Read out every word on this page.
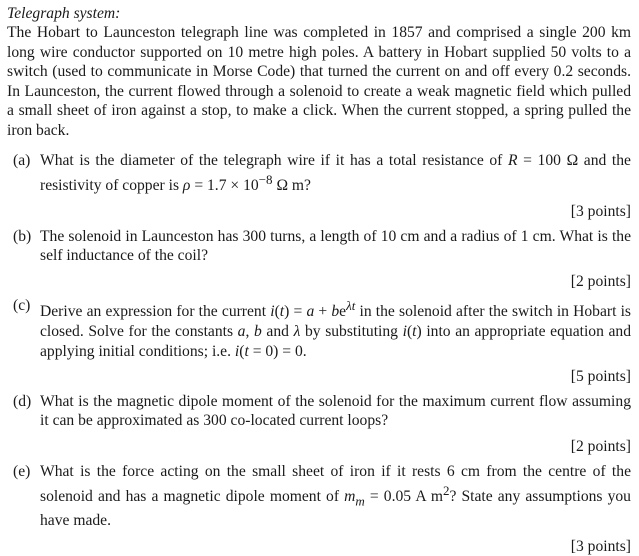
Telegraph system:

The Hobart to Launceston telegraph line was completed in 1857 and comprised a single 200 km long wire conductor supported on 10 metre high poles. A battery in Hobart supplied 50 volts to a switch (used to communicate in Morse Code) that turned the current on and off every 0.2 seconds. In Launceston, the current flowed through a solenoid to create a weak magnetic field which pulled a small sheet of iron against a stop, to make a click. When the current stopped, a spring pulled the iron back.

(a) What is the diameter of the telegraph wire if it has a total resistance of R = 100 Ω and the resistivity of copper is $\rho = 1.7 \times 10^{-8}$ Ω m?
[3 points]
(b) The solenoid in Launceston has 300 turns, a length of 10 cm and a radius of 1 cm. What is the self inductance of the coil?
[2 points]
(c) Derive an expression for the current $i(t) = a + be^{\lambda t}$ in the solenoid after the switch in Hobart is closed. Solve for the constants a, b and λ by substituting i(t) into an appropriate equation and applying initial conditions; i.e. i(t = 0) = 0.
[5 points]
(d) What is the magnetic dipole moment of the solenoid for the maximum current flow assuming it can be approximated as 300 co-located current loops?
[2 points]
(e) What is the force acting on the small sheet of iron if it rests 6 cm from the centre of the solenoid and has a magnetic dipole moment of $m_m = 0.05$ A $m^2$? State any assumptions you have made.
[3 points]
